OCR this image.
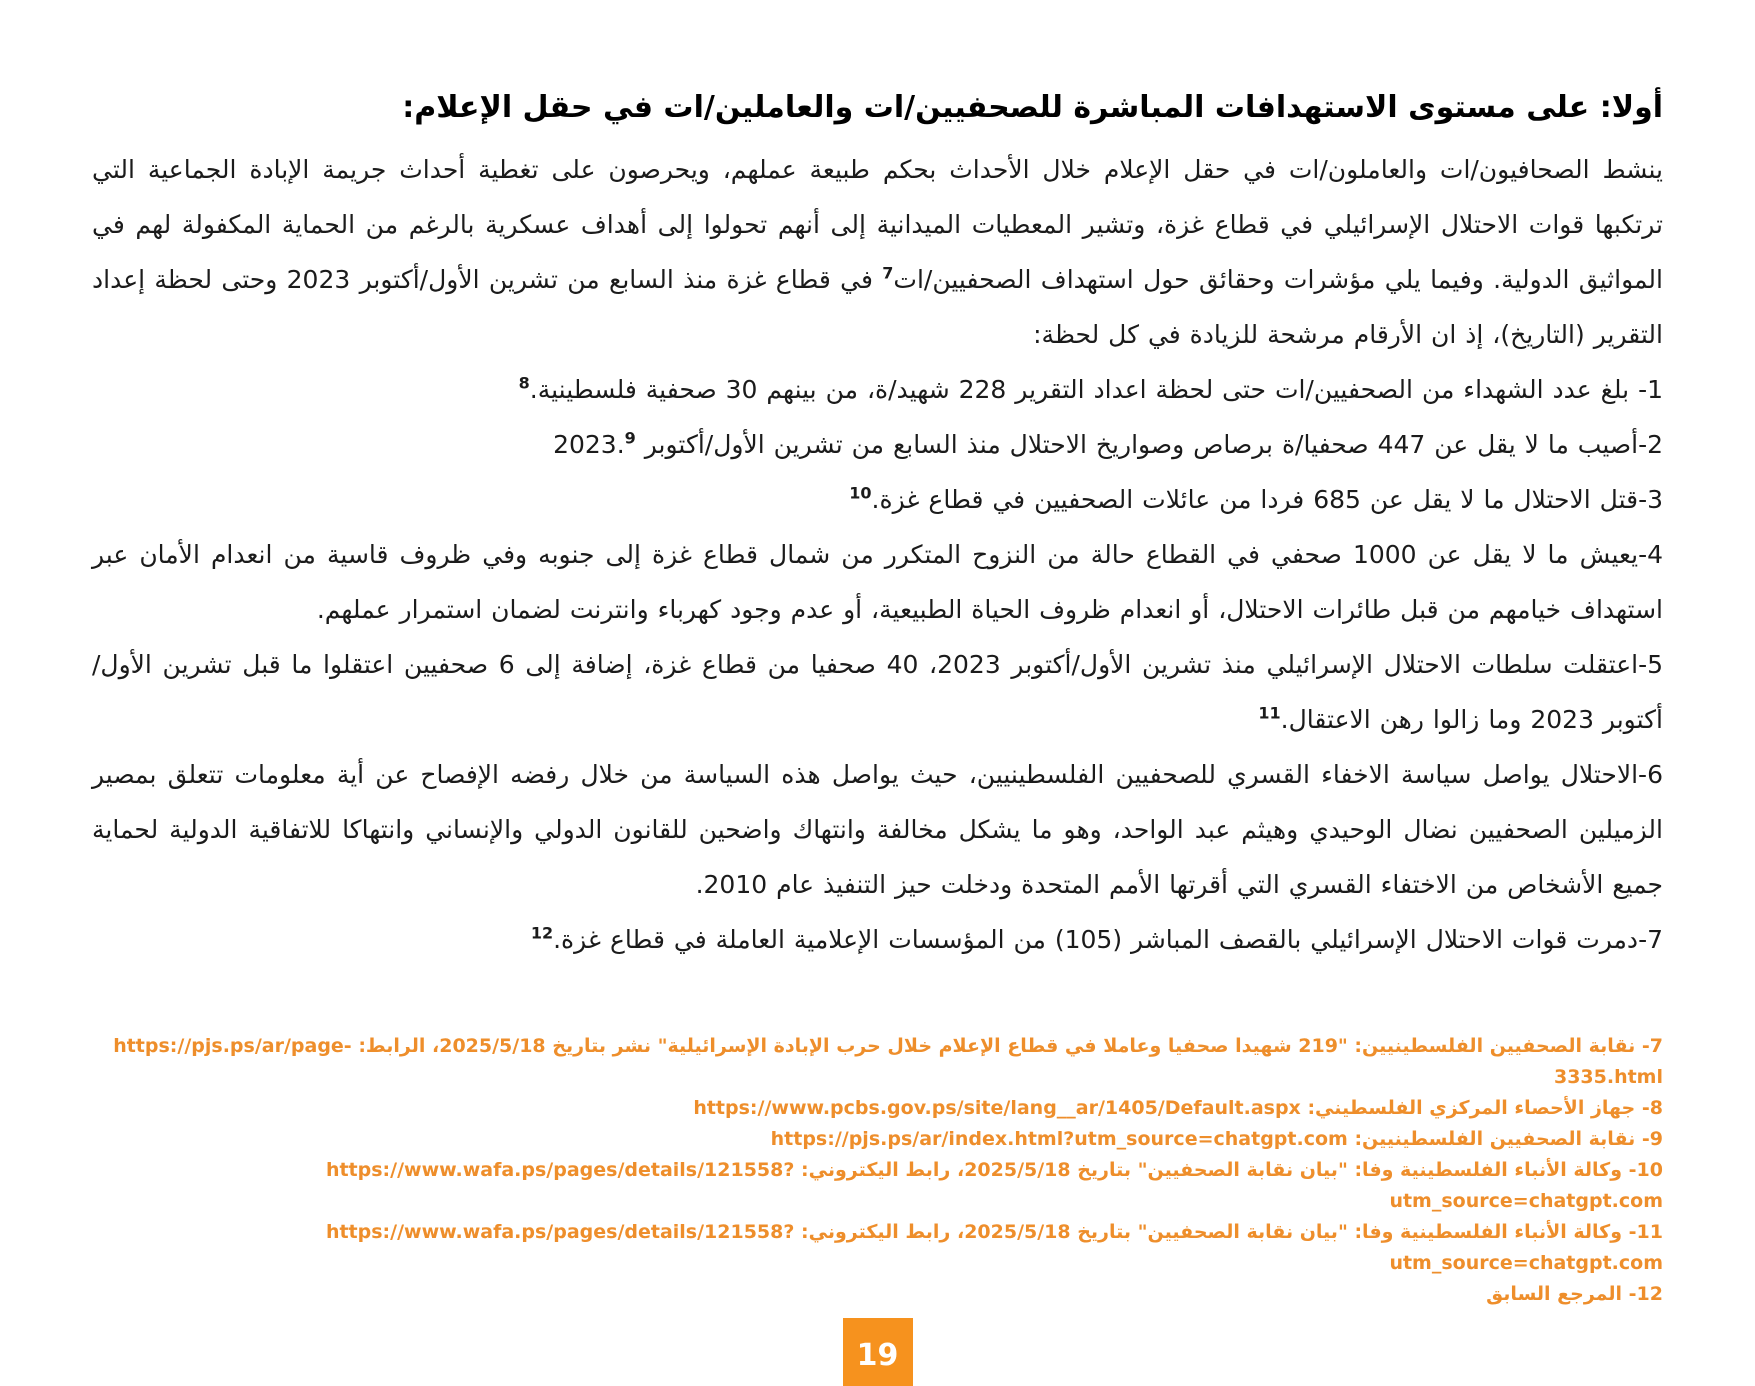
أولا: على مستوى الاستهدافات المباشرة للصحفيين/ات والعاملين/ات في حقل الإعلام:

ينشط الصحافيون/ات والعاملون/ات في حقل الإعلام خلال الأحداث بحكم طبيعة عملهم، ويحرصون على تغطية أحداث جريمة الإبادة الجماعية التي ترتكبها قوات الاحتلال الإسرائيلي في قطاع غزة، وتشير المعطيات الميدانية إلى أنهم تحولوا إلى أهداف عسكرية بالرغم من الحماية المكفولة لهم في المواثيق الدولية. وفيما يلي مؤشرات وحقائق حول استهداف الصحفيين/ات$^7$ في قطاع غزة منذ السابع من تشرين الأول/أكتوبر 2023 وحتى لحظة إعداد التقرير (التاريخ)، إذ ان الأرقام مرشحة للزيادة في كل لحظة:

1- بلغ عدد الشهداء من الصحفيين/ات حتى لحظة اعداد التقرير 228 شهيد/ة، من بينهم 30 صحفية فلسطينية.$^8$

2-أصيب ما لا يقل عن 447 صحفيا/ة برصاص وصواريخ الاحتلال منذ السابع من تشرين الأول/أكتوبر 2023.$^9$

3-قتل الاحتلال ما لا يقل عن 685 فردا من عائلات الصحفيين في قطاع غزة.$^{10}$

4-يعيش ما لا يقل عن 1000 صحفي في القطاع حالة من النزوح المتكرر من شمال قطاع غزة إلى جنوبه وفي ظروف قاسية من انعدام الأمان عبر استهداف خيامهم من قبل طائرات الاحتلال، أو انعدام ظروف الحياة الطبيعية، أو عدم وجود كهرباء وانترنت لضمان استمرار عملهم.

5-اعتقلت سلطات الاحتلال الإسرائيلي منذ تشرين الأول/أكتوبر 2023، 40 صحفيا من قطاع غزة، إضافة إلى 6 صحفيين اعتقلوا ما قبل تشرين الأول/أكتوبر 2023 وما زالوا رهن الاعتقال.$^{11}$

6-الاحتلال يواصل سياسة الاخفاء القسري للصحفيين الفلسطينيين، حيث يواصل هذه السياسة من خلال رفضه الإفصاح عن أية معلومات تتعلق بمصير الزميلين الصحفيين نضال الوحيدي وهيثم عبد الواحد، وهو ما يشكل مخالفة وانتهاك واضحين للقانون الدولي والإنساني وانتهاكا للاتفاقية الدولية لحماية جميع الأشخاص من الاختفاء القسري التي أقرتها الأمم المتحدة ودخلت حيز التنفيذ عام 2010.

7-دمرت قوات الاحتلال الإسرائيلي بالقصف المباشر (105) من المؤسسات الإعلامية العاملة في قطاع غزة.$^{12}$

7- نقابة الصحفيين الفلسطينيين: "219 شهيدا صحفيا وعاملا في قطاع الإعلام خلال حرب الإبادة الإسرائيلية" نشر بتاريخ 2025/5/18، الرابط: https://pjs.ps/ar/page-3335.html
8- جهاز الأحصاء المركزي الفلسطيني: https://www.pcbs.gov.ps/site/lang__ar/1405/Default.aspx
9- نقابة الصحفيين الفلسطينيين: https://pjs.ps/ar/index.html?utm_source=chatgpt.com
10- وكالة الأنباء الفلسطينية وفا: "بيان نقابة الصحفيين" بتاريخ 2025/5/18، رابط اليكتروني: https://www.wafa.ps/pages/details/121558?utm_source=chatgpt.com
11- وكالة الأنباء الفلسطينية وفا: "بيان نقابة الصحفيين" بتاريخ 2025/5/18، رابط اليكتروني: https://www.wafa.ps/pages/details/121558?utm_source=chatgpt.com
12- المرجع السابق
19
